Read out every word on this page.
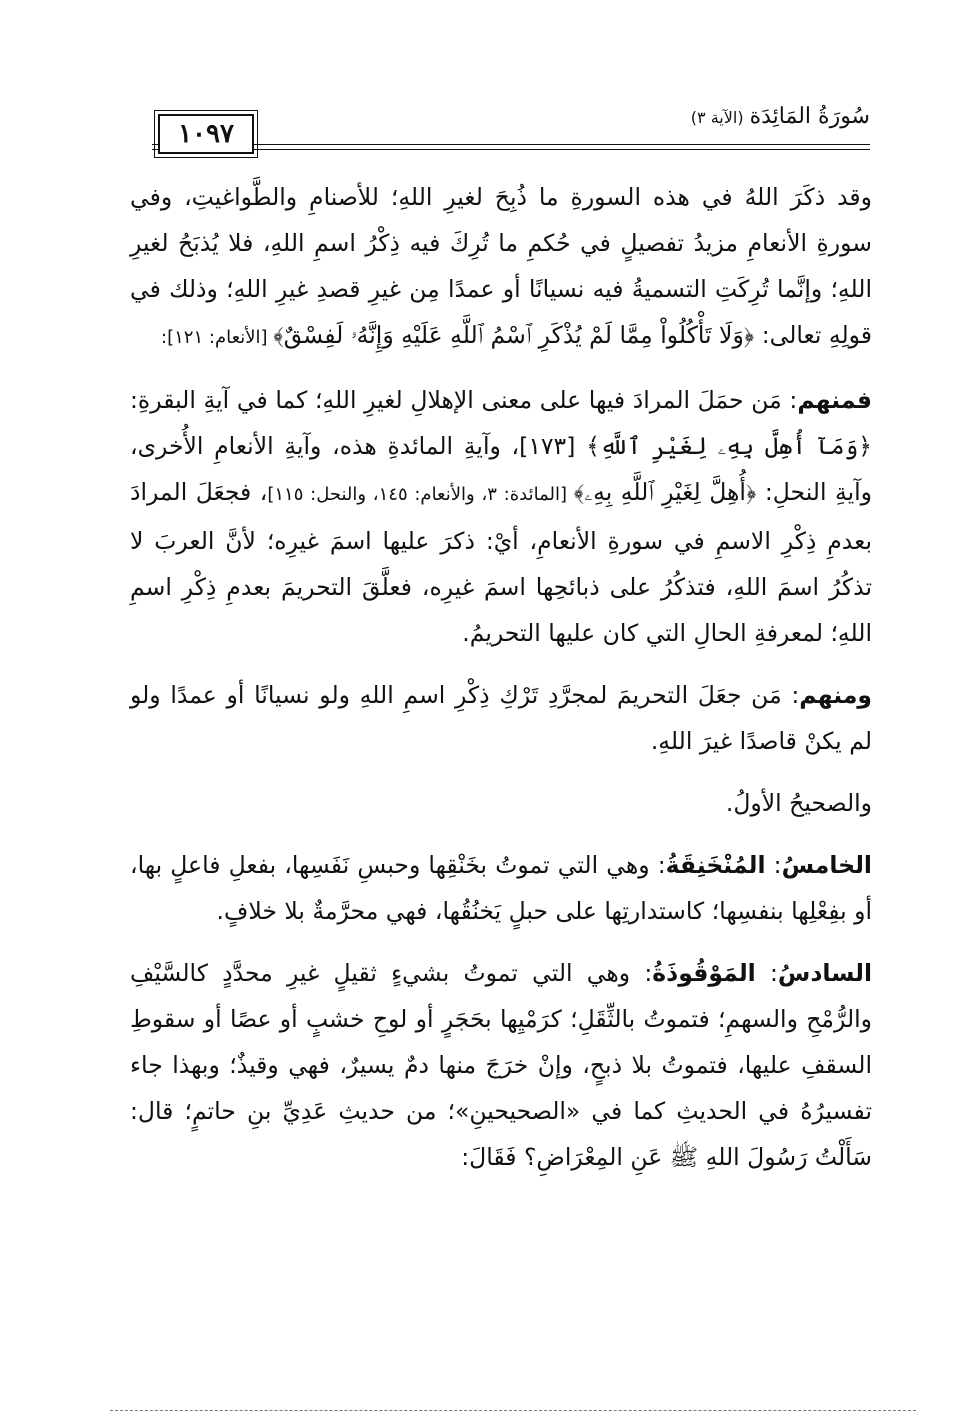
١٠٩٧
سُورَةُ المَائِدَة (الآية ٣)

وقد ذكَرَ اللهُ في هذه السورةِ ما ذُبِحَ لغيرِ اللهِ؛ للأصنامِ والطَّواغيتِ، وفي سورةِ الأنعامِ مزيدُ تفصيلٍ في حُكمِ ما تُرِكَ فيه ذِكْرُ اسمِ اللهِ، فلا يُذبَحُ لغيرِ اللهِ؛ وإنَّما تُرِكَتِ التسميةُ فيه نسيانًا أو عمدًا مِن غيرِ قصدِ غيرِ اللهِ؛ وذلك في قولِهِ تعالى: ﴿وَلَا تَأْكُلُواْ مِمَّا لَمْ يُذْكَرِ ٱسْمُ ٱللَّهِ عَلَيْهِ وَإِنَّهُۥ لَفِسْقٌ﴾ [الأنعام: ١٢١]:

فمنهم: مَن حمَلَ المرادَ فيها على معنى الإهلالِ لغيرِ اللهِ؛ كما في آيةِ البقرةِ: ﴿وَمَآ أُهِلَّ بِهِۦ لِغَيْرِ ٱللَّهِ﴾ [١٧٣]، وآيةِ المائدةِ هذه، وآيةِ الأنعامِ الأُخرى، وآيةِ النحلِ: ﴿أُهِلَّ لِغَيْرِ ٱللَّهِ بِهِۦ﴾ [المائدة: ٣، والأنعام: ١٤٥، والنحل: ١١٥]، فجعَلَ المرادَ بعدمِ ذِكْرِ الاسمِ في سورةِ الأنعامِ، أيْ: ذكرَ عليها اسمَ غيرِه؛ لأنَّ العربَ لا تذكُرُ اسمَ اللهِ، فتذكُرُ على ذبائحِها اسمَ غيرِه، فعلَّقَ التحريمَ بعدمِ ذِكْرِ اسمِ اللهِ؛ لمعرفةِ الحالِ التي كان عليها التحريمُ.

ومنهم: مَن جعَلَ التحريمَ لمجرَّدِ تَرْكِ ذِكْرِ اسمِ اللهِ ولو نسيانًا أو عمدًا ولو لم يكنْ قاصدًا غيرَ اللهِ.

والصحيحُ الأولُ.

الخامسُ: المُنْخَنِقَةُ: وهي التي تموتُ بخَنْقِها وحبسِ نَفَسِها، بفعلِ فاعلٍ بها، أو بفِعْلِها بنفسِها؛ كاستدارتِها على حبلٍ يَخنُقُها، فهي محرَّمةٌ بلا خلافٍ.

السادسُ: المَوْقُوذَةُ: وهي التي تموتُ بشيءٍ ثقيلٍ غيرِ محدَّدٍ كالسَّيْفِ والرُّمْحِ والسهمِ؛ فتموتُ بالثِّقَلِ؛ كرَمْيِها بحَجَرٍ أو لوحِ خشبٍ أو عصًا أو سقوطِ السقفِ عليها، فتموتُ بلا ذبحٍ، وإنْ خرَجَ منها دمٌ يسيرٌ، فهي وقيذٌ؛ وبهذا جاء تفسيرُهُ في الحديثِ كما في «الصحيحينِ»؛ من حديثِ عَدِيِّ بنِ حاتمٍ؛ قال: سَأَلْتُ رَسُولَ اللهِ ﷺ عَنِ المِعْرَاضِ؟ فَقَالَ:
